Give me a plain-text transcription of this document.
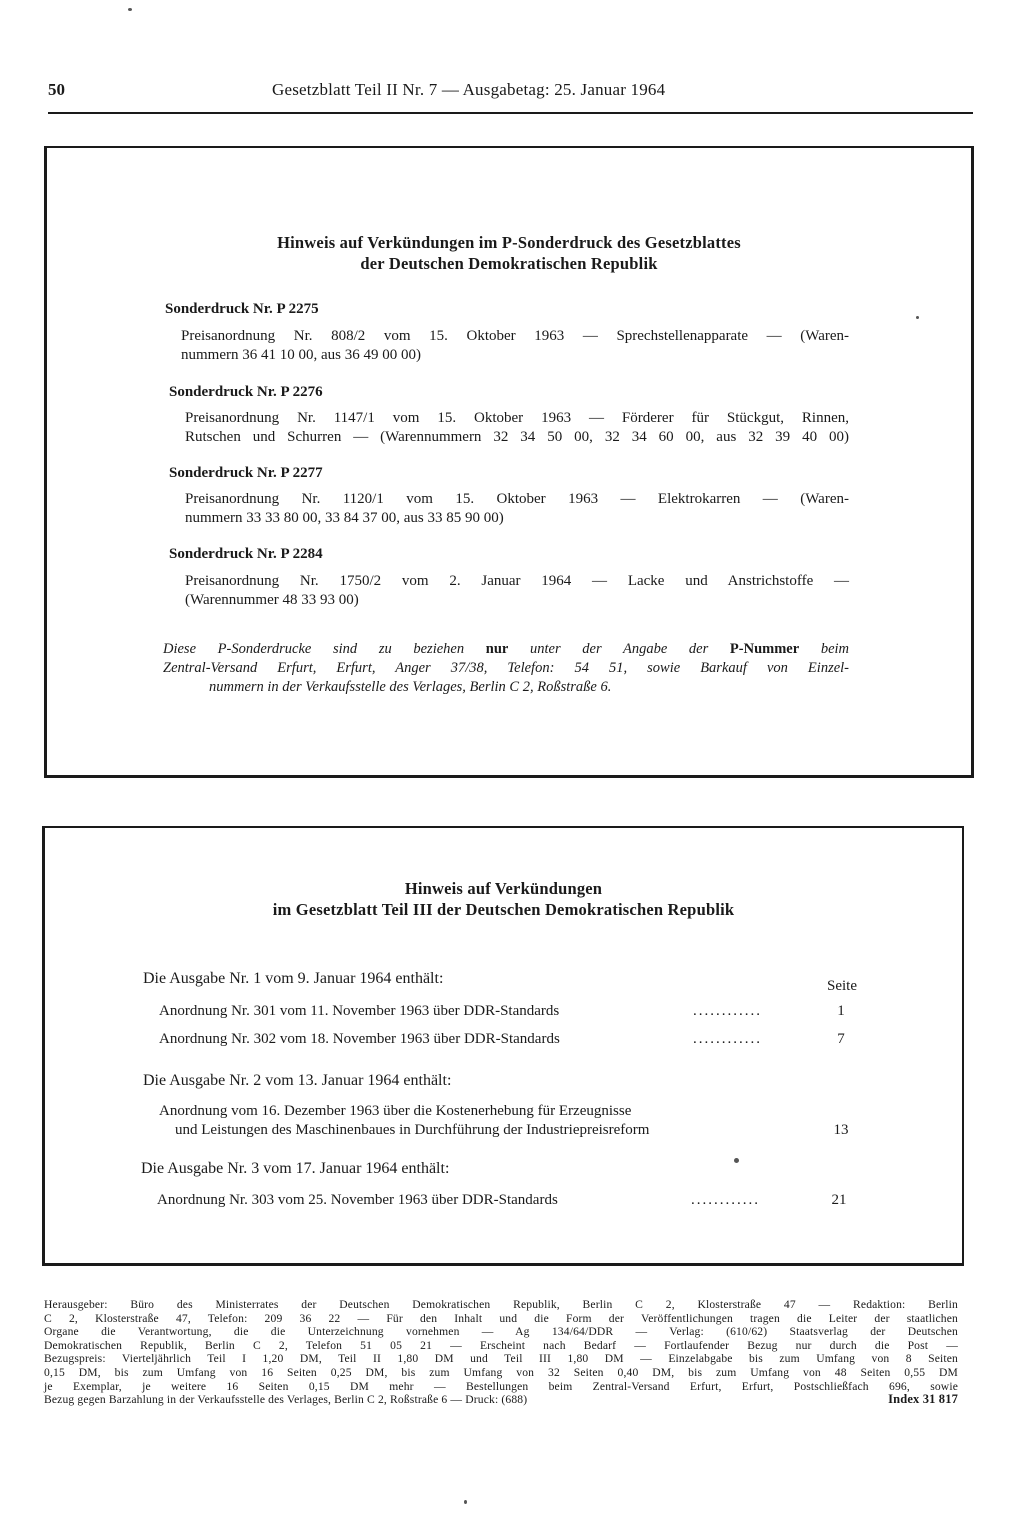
50	Gesetzblatt Teil II Nr. 7 — Ausgabetag: 25. Januar 1964
Hinweis auf Verkündungen im P-Sonderdruck des Gesetzblattes
der Deutschen Demokratischen Republik
Sonderdruck Nr. P 2275
Preisanordnung Nr. 808/2 vom 15. Oktober 1963 — Sprechstellenapparate — (Waren-
nummern 36 41 10 00, aus 36 49 00 00)
Sonderdruck Nr. P 2276
Preisanordnung Nr. 1147/1 vom 15. Oktober 1963 — Förderer für Stückgut, Rinnen,
Rutschen und Schurren — (Warennummern 32 34 50 00, 32 34 60 00, aus 32 39 40 00)
Sonderdruck Nr. P 2277
Preisanordnung Nr. 1120/1 vom 15. Oktober 1963 — Elektrokarren — (Waren-
nummern 33 33 80 00, 33 84 37 00, aus 33 85 90 00)
Sonderdruck Nr. P 2284
Preisanordnung Nr. 1750/2 vom 2. Januar 1964 — Lacke und Anstrichstoffe —
(Warennummer 48 33 93 00)
Diese P-Sonderdrucke sind zu beziehen nur unter der Angabe der P-Nummer beim
Zentral-Versand Erfurt, Erfurt, Anger 37/38, Telefon: 54 51, sowie Barkauf von Einzel-
nummern in der Verkaufsstelle des Verlages, Berlin C 2, Roßstraße 6.
Hinweis auf Verkündungen
im Gesetzblatt Teil III der Deutschen Demokratischen Republik
Seite
Die Ausgabe Nr. 1 vom 9. Januar 1964 enthält:
Anordnung Nr. 301 vom 11. November 1963 über DDR-Standards	............	1
Anordnung Nr. 302 vom 18. November 1963 über DDR-Standards	............	7
Die Ausgabe Nr. 2 vom 13. Januar 1964 enthält:
Anordnung vom 16. Dezember 1963 über die Kostenerhebung für Erzeugnisse
und Leistungen des Maschinenbaues in Durchführung der Industriepreisreform	13
Die Ausgabe Nr. 3 vom 17. Januar 1964 enthält:
Anordnung Nr. 303 vom 25. November 1963 über DDR-Standards	............	21
Herausgeber: Büro des Ministerrates der Deutschen Demokratischen Republik, Berlin C 2, Klosterstraße 47 — Redaktion: Berlin
C 2, Klosterstraße 47, Telefon: 209 36 22 — Für den Inhalt und die Form der Veröffentlichungen tragen die Leiter der staatlichen
Organe die Verantwortung, die die Unterzeichnung vornehmen — Ag 134/64/DDR — Verlag: (610/62) Staatsverlag der Deutschen
Demokratischen Republik, Berlin C 2, Telefon 51 05 21 — Erscheint nach Bedarf — Fortlaufender Bezug nur durch die Post —
Bezugspreis: Vierteljährlich Teil I 1,20 DM, Teil II 1,80 DM und Teil III 1,80 DM — Einzelabgabe bis zum Umfang von 8 Seiten
0,15 DM, bis zum Umfang von 16 Seiten 0,25 DM, bis zum Umfang von 32 Seiten 0,40 DM, bis zum Umfang von 48 Seiten 0,55 DM
je Exemplar, je weitere 16 Seiten 0,15 DM mehr — Bestellungen beim Zentral-Versand Erfurt, Erfurt, Postschließfach 696, sowie
Bezug gegen Barzahlung in der Verkaufsstelle des Verlages, Berlin C 2, Roßstraße 6 — Druck: (688)	Index 31 817
